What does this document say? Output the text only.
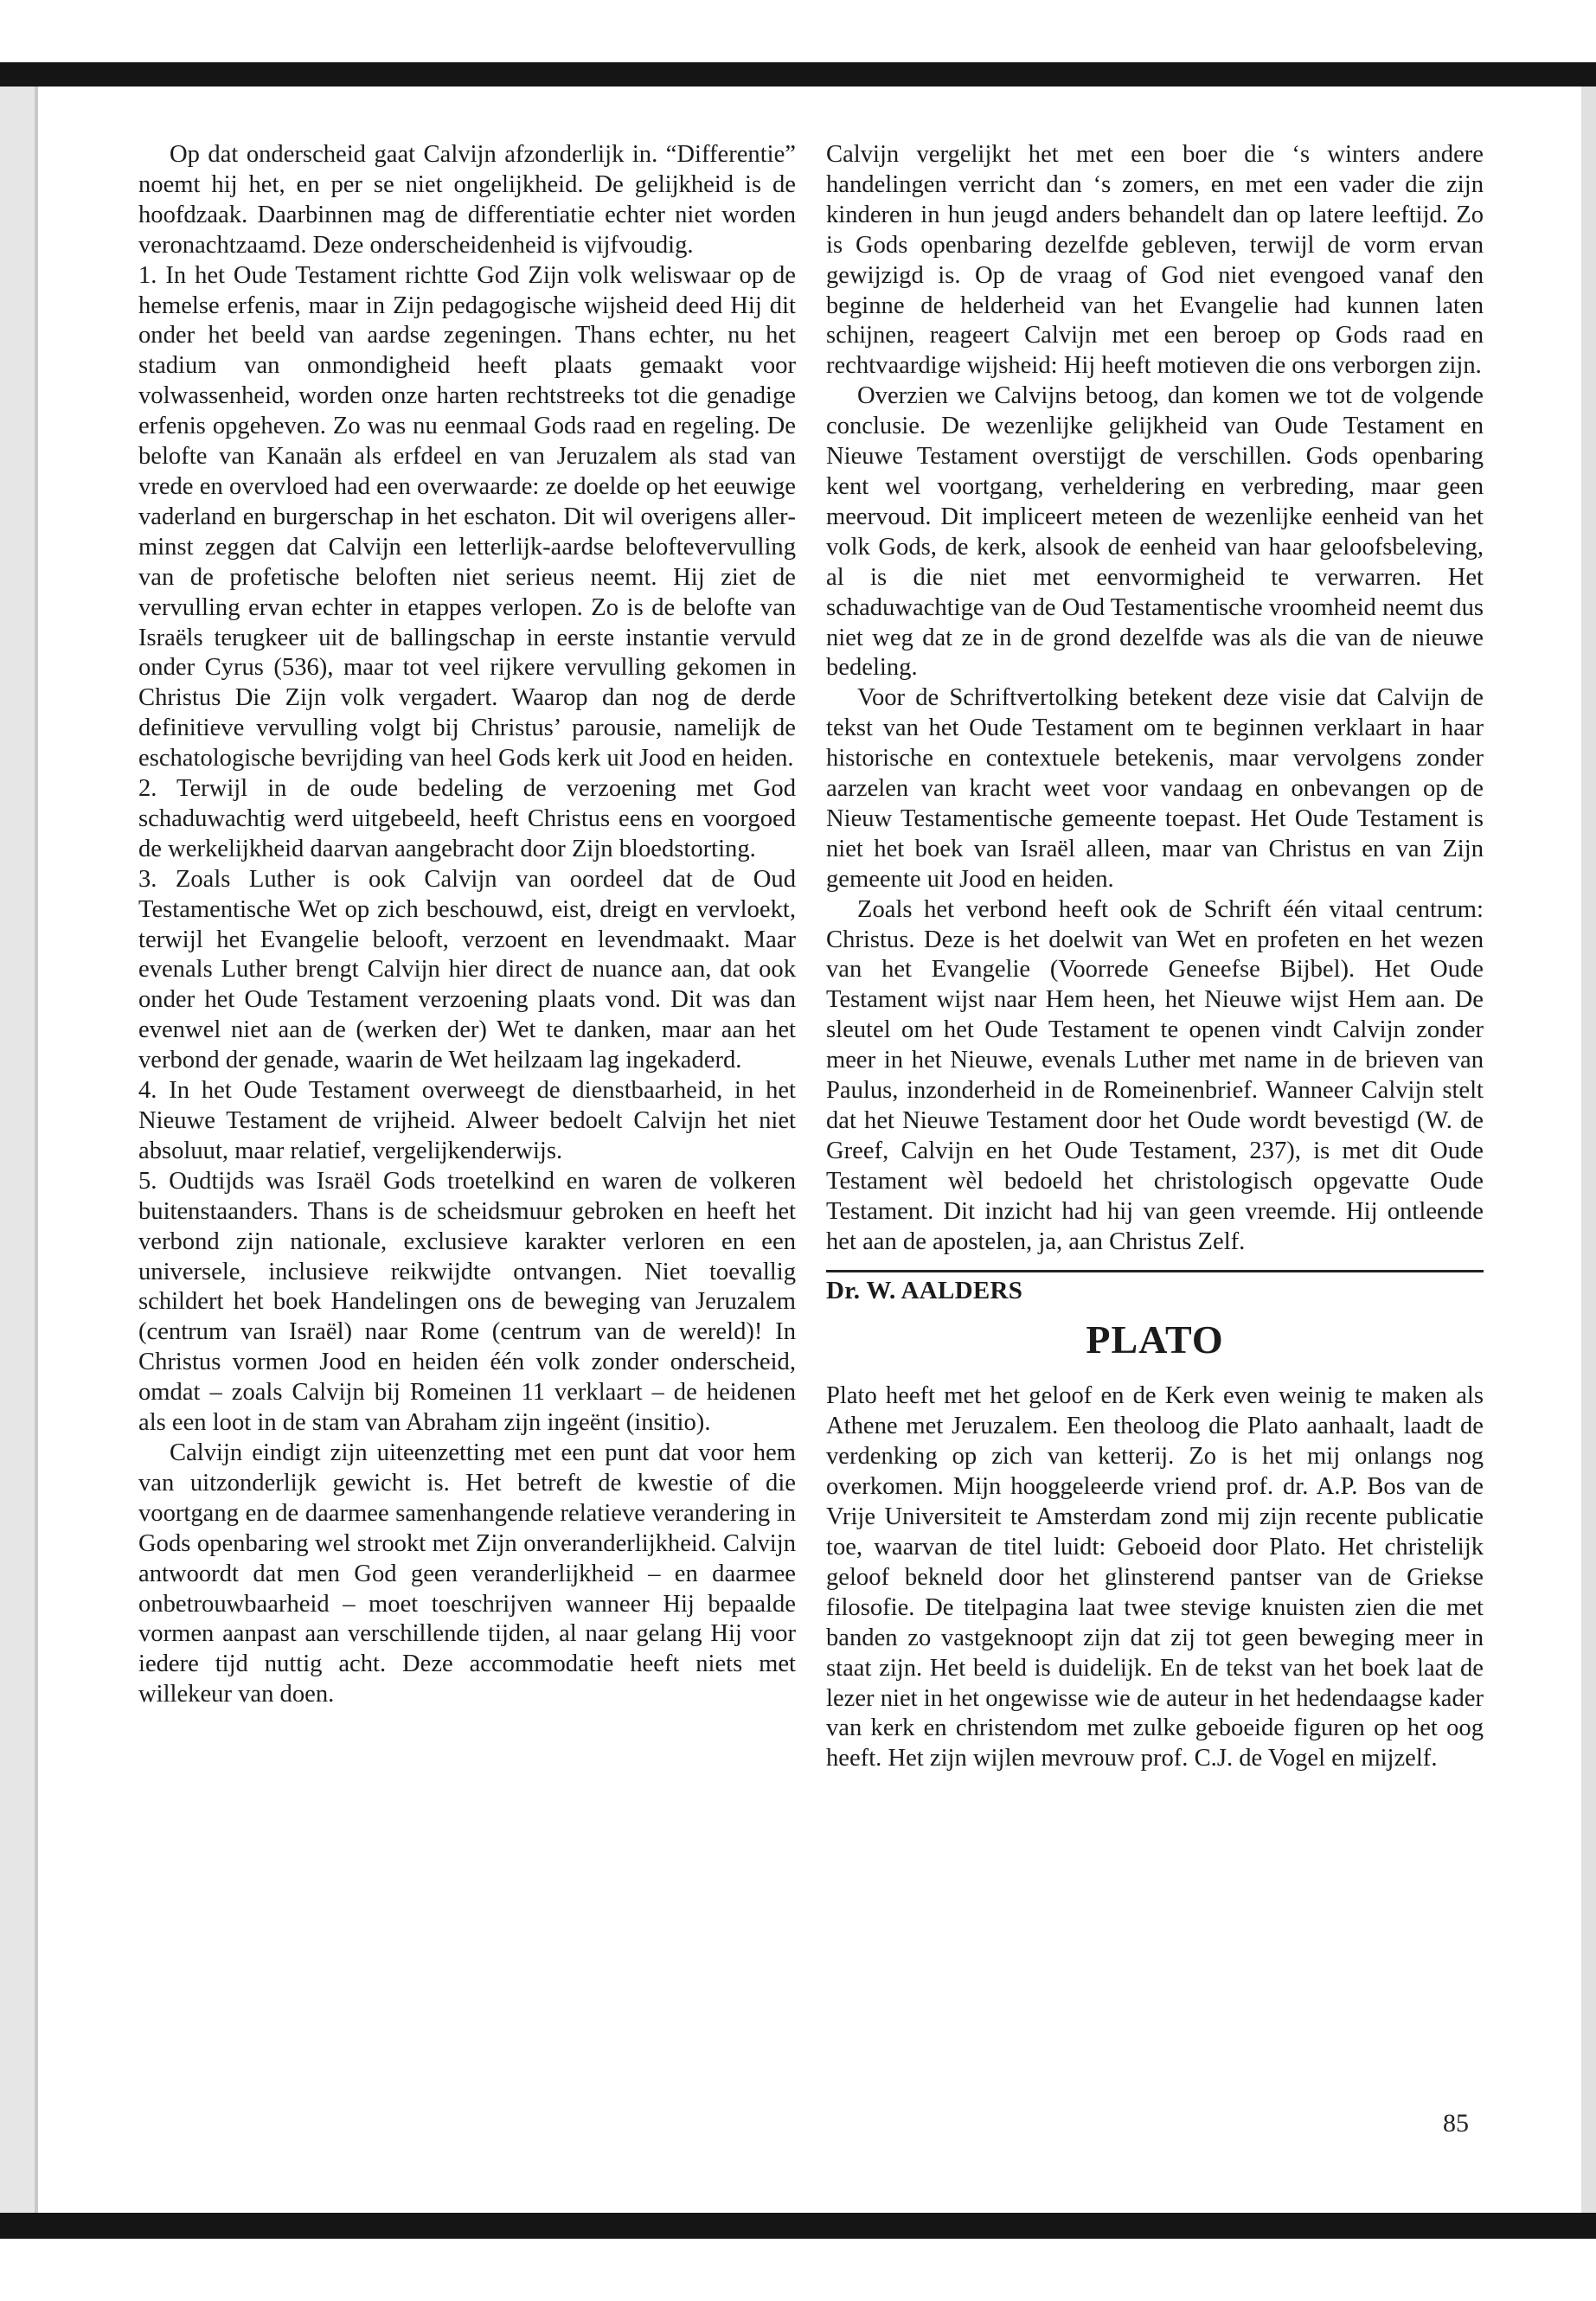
Op dat onderscheid gaat Calvijn afzonderlijk in. “Differentie” noemt hij het, en per se niet ongelijkheid. De gelijkheid is de hoofdzaak. Daarbinnen mag de differentiatie echter niet worden veronachtzaamd. Deze onderscheidenheid is vijfvoudig.

1. In het Oude Testament richtte God Zijn volk weliswaar op de hemelse erfenis, maar in Zijn pedagogische wijsheid deed Hij dit onder het beeld van aardse zegeningen. Thans echter, nu het stadium van onmondigheid heeft plaats gemaakt voor volwassenheid, worden onze harten rechtstreeks tot die genadige erfenis opgeheven. Zo was nu eenmaal Gods raad en regeling. De belofte van Kanaän als erfdeel en van Jeruzalem als stad van vrede en overvloed had een overwaarde: ze doelde op het eeuwige vaderland en burgerschap in het eschaton. Dit wil overigens allerminst zeggen dat Calvijn een letterlijk-aardse beloftevervulling van de profetische beloften niet serieus neemt. Hij ziet de vervulling ervan echter in etappes verlopen. Zo is de belofte van Israëls terugkeer uit de ballingschap in eerste instantie vervuld onder Cyrus (536), maar tot veel rijkere vervulling gekomen in Christus Die Zijn volk vergadert. Waarop dan nog de derde definitieve vervulling volgt bij Christus’ parousie, namelijk de eschatologische bevrijding van heel Gods kerk uit Jood en heiden.

2. Terwijl in de oude bedeling de verzoening met God schaduwachtig werd uitgebeeld, heeft Christus eens en voorgoed de werkelijkheid daarvan aangebracht door Zijn bloedstorting.

3. Zoals Luther is ook Calvijn van oordeel dat de Oud Testamentische Wet op zich beschouwd, eist, dreigt en vervloekt, terwijl het Evangelie belooft, verzoent en levendmaakt. Maar evenals Luther brengt Calvijn hier direct de nuance aan, dat ook onder het Oude Testament verzoening plaats vond. Dit was dan evenwel niet aan de (werken der) Wet te danken, maar aan het verbond der genade, waarin de Wet heilzaam lag ingekaderd.

4. In het Oude Testament overweegt de dienstbaarheid, in het Nieuwe Testament de vrijheid. Alweer bedoelt Calvijn het niet absoluut, maar relatief, vergelijkenderwijs.

5. Oudtijds was Israël Gods troetelkind en waren de volkeren buitenstaanders. Thans is de scheidsmuur gebroken en heeft het verbond zijn nationale, exclusieve karakter verloren en een universele, inclusieve reikwijdte ontvangen. Niet toevallig schildert het boek Handelingen ons de beweging van Jeruzalem (centrum van Israël) naar Rome (centrum van de wereld)! In Christus vormen Jood en heiden één volk zonder onderscheid, omdat – zoals Calvijn bij Romeinen 11 verklaart – de heidenen als een loot in de stam van Abraham zijn ingeënt (insitio).

Calvijn eindigt zijn uiteenzetting met een punt dat voor hem van uitzonderlijk gewicht is. Het betreft de kwestie of die voortgang en de daarmee samenhangende relatieve verandering in Gods openbaring wel strookt met Zijn onveranderlijkheid. Calvijn antwoordt dat men God geen veranderlijkheid – en daarmee onbetrouwbaarheid – moet toeschrijven wanneer Hij bepaalde vormen aanpast aan verschillende tijden, al naar gelang Hij voor iedere tijd nuttig acht. Deze accommodatie heeft niets met willekeur van doen.

Calvijn vergelijkt het met een boer die ‘s winters andere handelingen verricht dan ‘s zomers, en met een vader die zijn kinderen in hun jeugd anders behandelt dan op latere leeftijd. Zo is Gods openbaring dezelfde gebleven, terwijl de vorm ervan gewijzigd is. Op de vraag of God niet evengoed vanaf den beginne de helderheid van het Evangelie had kunnen laten schijnen, reageert Calvijn met een beroep op Gods raad en rechtvaardige wijsheid: Hij heeft motieven die ons verborgen zijn.

Overzien we Calvijns betoog, dan komen we tot de volgende conclusie. De wezenlijke gelijkheid van Oude Testament en Nieuwe Testament overstijgt de verschillen. Gods openbaring kent wel voortgang, verheldering en verbreding, maar geen meervoud. Dit impliceert meteen de wezenlijke eenheid van het volk Gods, de kerk, alsook de eenheid van haar geloofsbeleving, al is die niet met eenvormigheid te verwarren. Het schaduwachtige van de Oud Testamentische vroomheid neemt dus niet weg dat ze in de grond dezelfde was als die van de nieuwe bedeling.

Voor de Schriftvertolking betekent deze visie dat Calvijn de tekst van het Oude Testament om te beginnen verklaart in haar historische en contextuele betekenis, maar vervolgens zonder aarzelen van kracht weet voor vandaag en onbevangen op de Nieuw Testamentische gemeente toepast. Het Oude Testament is niet het boek van Israël alleen, maar van Christus en van Zijn gemeente uit Jood en heiden.

Zoals het verbond heeft ook de Schrift één vitaal centrum: Christus. Deze is het doelwit van Wet en profeten en het wezen van het Evangelie (Voorrede Geneefse Bijbel). Het Oude Testament wijst naar Hem heen, het Nieuwe wijst Hem aan. De sleutel om het Oude Testament te openen vindt Calvijn zonder meer in het Nieuwe, evenals Luther met name in de brieven van Paulus, inzonderheid in de Romeinenbrief. Wanneer Calvijn stelt dat het Nieuwe Testament door het Oude wordt bevestigd (W. de Greef, Calvijn en het Oude Testament, 237), is met dit Oude Testament wèl bedoeld het christologisch opgevatte Oude Testament. Dit inzicht had hij van geen vreemde. Hij ontleende het aan de apostelen, ja, aan Christus Zelf.

Dr. W. AALDERS
PLATO

Plato heeft met het geloof en de Kerk even weinig te maken als Athene met Jeruzalem. Een theoloog die Plato aanhaalt, laadt de verdenking op zich van ketterij. Zo is het mij onlangs nog overkomen. Mijn hooggeleerde vriend prof. dr. A.P. Bos van de Vrije Universiteit te Amsterdam zond mij zijn recente publicatie toe, waarvan de titel luidt: Geboeid door Plato. Het christelijk geloof bekneld door het glinsterend pantser van de Griekse filosofie. De titelpagina laat twee stevige knuisten zien die met banden zo vastgeknoopt zijn dat zij tot geen beweging meer in staat zijn. Het beeld is duidelijk. En de tekst van het boek laat de lezer niet in het ongewisse wie de auteur in het hedendaagse kader van kerk en christendom met zulke geboeide figuren op het oog heeft. Het zijn wijlen mevrouw prof. C.J. de Vogel en mijzelf.

85
